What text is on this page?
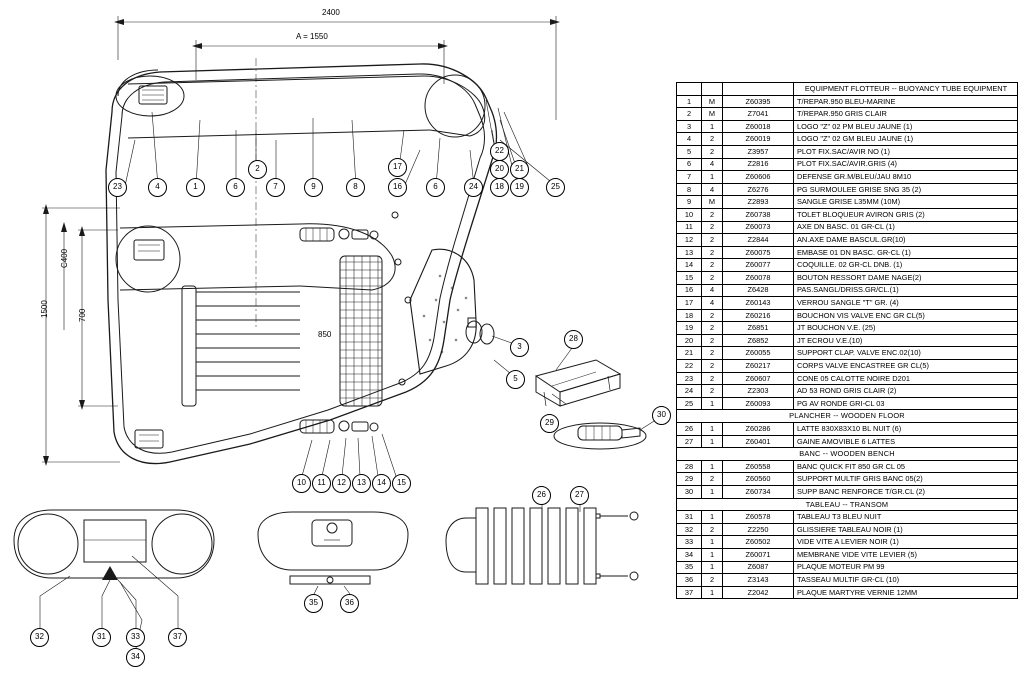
2400
A = 1550
850
1500	700
C400
23	4	1	6	7	9	8
2	17
16	6	24	18	19
22
20	21
25
3
5
28
29
30
10	11	12	13	14	15
32	31	33
34
37
35	36
26	27
			EQUIPMENT FLOTTEUR -- BUOYANCY TUBE EQUIPMENT
1	M	Z60395	T/REPAR.950 BLEU-MARINE
2	M	Z7041	T/REPAR.950 GRIS CLAIR
3	1	Z60018	LOGO "Z" 02 PM BLEU JAUNE (1)
4	2	Z60019	LOGO "Z" 02 GM BLEU JAUNE (1)
5	2	Z3957	PLOT FIX.SAC/AVIR NO (1)
6	4	Z2816	PLOT FIX.SAC/AVIR.GRIS (4)
7	1	Z60606	DEFENSE GR.M/BLEU/JAU 8M10
8	4	Z6276	PG SURMOULEE GRISE SNG 35 (2)
9	M	Z2893	SANGLE GRISE L35MM (10M)
10	2	Z60738	TOLET BLOQUEUR AVIRON GRIS (2)
11	2	Z60073	AXE DN BASC. 01 GR-CL (1)
12	2	Z2844	AN.AXE DAME BASCUL.GR(10)
13	2	Z60075	EMBASE 01 DN BASC. GR-CL (1)
14	2	Z60077	COQUILLE. 02 GR-CL DNB. (1)
15	2	Z60078	BOUTON RESSORT DAME NAGE(2)
16	4	Z6428	PAS.SANGL/DRISS.GR/CL.(1)
17	4	Z60143	VERROU SANGLE "T" GR. (4)
18	2	Z60216	BOUCHON VIS VALVE ENC GR CL(5)
19	2	Z6851	JT BOUCHON V.E. (25)
20	2	Z6852	JT ECROU V.E.(10)
21	2	Z60055	SUPPORT CLAP. VALVE ENC.02(10)
22	2	Z60217	CORPS VALVE ENCASTREE GR CL(5)
23	2	Z60607	CONE 05 CALOTTE NOIRE D201
24	2	Z2303	AD 53 ROND GRIS CLAIR (2)
25	1	Z60093	PG AV RONDE GRI-CL 03
PLANCHER -- WOODEN FLOOR			
26	1	Z60286	LATTE 830X83X10 BL NUIT (6)
27	1	Z60401	GAINE AMOVIBLE 6 LATTES
BANC -- WOODEN BENCH			
28	1	Z60558	BANC QUICK FIT 850 GR CL 05
29	2	Z60560	SUPPORT MULTIF GRIS BANC 05(2)
30	1	Z60734	SUPP BANC RENFORCE T/GR.CL (2)
TABLEAU -- TRANSOM			
31	1	Z60578	TABLEAU T3 BLEU NUIT
32	2	Z2250	GLISSIERE TABLEAU NOIR (1)
33	1	Z60502	VIDE VITE A LEVIER NOIR (1)
34	1	Z60071	MEMBRANE VIDE VITE LEVIER (5)
35	1	Z6087	PLAQUE MOTEUR PM 99
36	2	Z3143	TASSEAU MULTIF GR-CL (10)
37	1	Z2042	PLAQUE MARTYRE VERNIE 12MM
